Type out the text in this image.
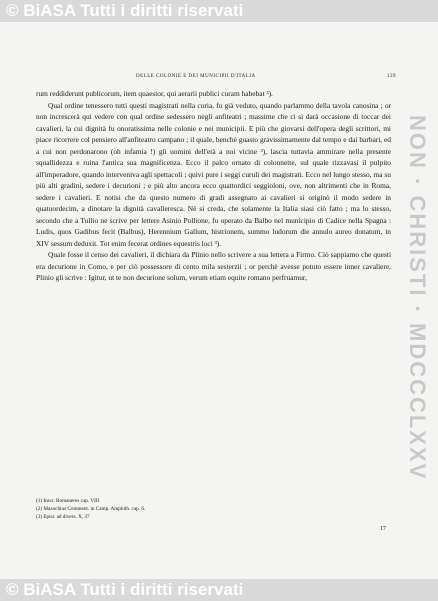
© BiASA Tutti i diritti riservati
NON · CHRISTI · MDCCCLXXV
DELLE COLONIE E DEI MUNICIPII D'ITALIA	139

rum reddiderunt publicorum, item quaestor, qui aerarii publici curam habebat ³).

Qual ordine tenessero tutti questi magistrati nella curia, fu già veduto, quando parlammo della tavola canosina ; or non increscerà qui vedere con qual ordine sedessero negli anfiteatri ; massime che ci si darà occasione di toccar dei cavalieri, la cui dignità fu onoratissima nelle colonie e nei municipii. E più che giovarsi dell'opera degli scrittori, mi piace ricorrere col pensiero all'anfiteatro campano ; il quale, benchè guasto gravissimamente dal tempo e dai barbari, ed a cui non perdonarono (oh infamia !) gli uomini dell'età a noi vicine ³), lascia tuttavia ammirare nella presente squallidezza e ruina l'antica sua magnificenza. Ecco il palco ornato di colonnette, sul quale rizzavasi il pulpito all'imperadore, quando interveniva agli spettacoli ; quivi pure i seggi curuli dei magistrati. Ecco nel lungo stesso, ma su più alti gradini, sedere i decurioni ; e più alto ancora ecco quattordici seggioloni, ove, non altrimenti che in Roma, sedere i cavalieri. E notisi che da questo numero di gradi assegnato ai cavalieri si originò il modo sedere in quatuordecim, a dinotare la dignità cavalleresca. Nè si creda, che solamente la Italia siasi ciò fatto ; ma lo stesso, secondo che a Tullio ne scrive per lettere Asinio Pollione, fu operato da Balbo nel municipio di Cadice nella Spagna : Ludis, quos Gadibus fecit (Balbus), Herennium Gallum, histrionem, summo ludorum die annulo aureo donatum, in XIV sessum deduxit. Tot enim fecerat ordines equestris loci ³).

Quale fosse il censo dei cavalieri, il dichiara da Plinio nello scrivere a sua lettera a Firmo. Ciò sappiamo che questi era decurione in Como, e per ciò possessore di cento mila sesterzii ; or perchè avesse potuto essere inner cavaliere, Plinio gli scrive : Igitur, ut te non decurione solum, verum etiam equite romano perfruamur,

(1) Inscr. Romaneres cap. VIII
(2) Mazochius Comment. in Camp. Amphith. cap. 6.
(3) Epist. ad divers. X, 37
17
© BiASA Tutti i diritti riservati
